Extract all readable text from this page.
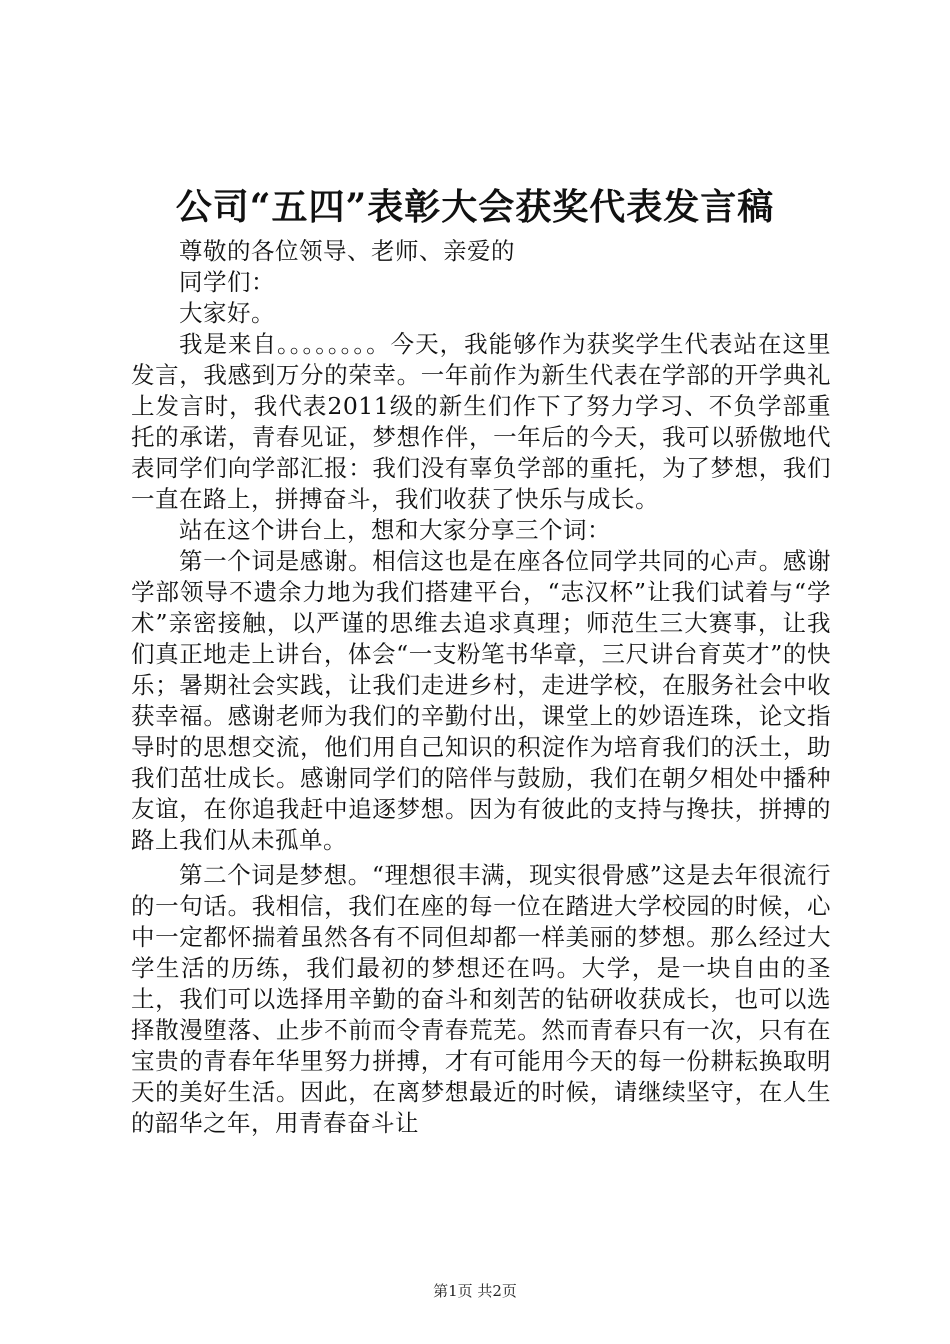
公司“五四”表彰大会获奖代表发言稿

尊敬的各位领导、老师、亲爱的

同学们：

大家好。

我是来自。。。。。。。。今天，我能够作为获奖学生代表站在这里发言，我感到万分的荣幸。一年前作为新生代表在学部的开学典礼上发言时，我代表2011级的新生们作下了努力学习、不负学部重托的承诺，青春见证，梦想作伴，一年后的今天，我可以骄傲地代表同学们向学部汇报：我们没有辜负学部的重托，为了梦想，我们一直在路上，拼搏奋斗，我们收获了快乐与成长。

站在这个讲台上，想和大家分享三个词：

第一个词是感谢。相信这也是在座各位同学共同的心声。感谢学部领导不遗余力地为我们搭建平台，“志汉杯”让我们试着与“学术”亲密接触，以严谨的思维去追求真理；师范生三大赛事，让我们真正地走上讲台，体会“一支粉笔书华章，三尺讲台育英才”的快乐；暑期社会实践，让我们走进乡村，走进学校，在服务社会中收获幸福。感谢老师为我们的辛勤付出，课堂上的妙语连珠，论文指导时的思想交流，他们用自己知识的积淀作为培育我们的沃土，助我们茁壮成长。感谢同学们的陪伴与鼓励，我们在朝夕相处中播种友谊，在你追我赶中追逐梦想。因为有彼此的支持与搀扶，拼搏的路上我们从未孤单。

第二个词是梦想。“理想很丰满，现实很骨感”这是去年很流行的一句话。我相信，我们在座的每一位在踏进大学校园的时候，心中一定都怀揣着虽然各有不同但却都一样美丽的梦想。那么经过大学生活的历练，我们最初的梦想还在吗。大学，是一块自由的圣土，我们可以选择用辛勤的奋斗和刻苦的钻研收获成长，也可以选择散漫堕落、止步不前而令青春荒芜。然而青春只有一次，只有在宝贵的青春年华里努力拼搏，才有可能用今天的每一份耕耘换取明天的美好生活。因此，在离梦想最近的时候，请继续坚守，在人生的韶华之年，用青春奋斗让

第1页 共2页
